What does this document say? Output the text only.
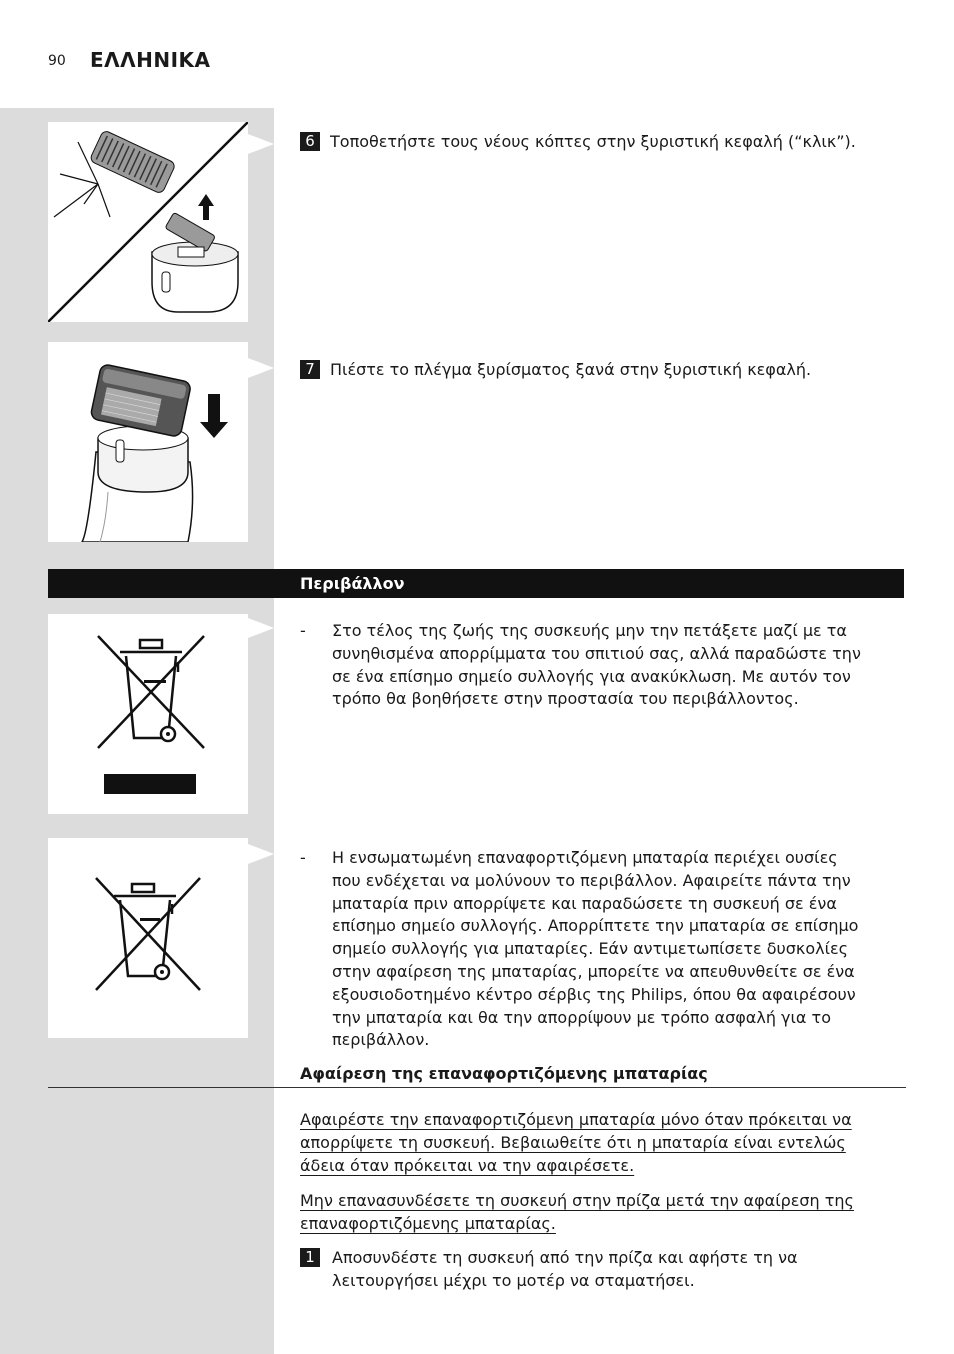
90 ΕΛΛΗΝΙΚΑ
6 Τοποθετήστε τους νέους κόπτες στην ξυριστική κεφαλή (“κλικ”).
7 Πιέστε το πλέγμα ξυρίσματος ξανά στην ξυριστική κεφαλή.
Περιβάλλον
- Στο τέλος της ζωής της συσκευής μην την πετάξετε μαζί με τα
συνηθισμένα απορρίμματα του σπιτιού σας, αλλά παραδώστε την
σε ένα επίσημο σημείο συλλογής για ανακύκλωση. Με αυτόν τον
τρόπο θα βοηθήσετε στην προστασία του περιβάλλοντος.
- Η ενσωματωμένη επαναφορτιζόμενη μπαταρία περιέχει ουσίες
που ενδέχεται να μολύνουν το περιβάλλον. Αφαιρείτε πάντα την
μπαταρία πριν απορρίψετε και παραδώσετε τη συσκευή σε ένα
επίσημο σημείο συλλογής. Απορρίπτετε την μπαταρία σε επίσημο
σημείο συλλογής για μπαταρίες. Εάν αντιμετωπίσετε δυσκολίες
στην αφαίρεση της μπαταρίας, μπορείτε να απευθυνθείτε σε ένα
εξουσιοδοτημένο κέντρο σέρβις της Philips, όπου θα αφαιρέσουν
την μπαταρία και θα την απορρίψουν με τρόπο ασφαλή για το
περιβάλλον.
Αφαίρεση της επαναφορτιζόμενης μπαταρίας
Αφαιρέστε την επαναφορτιζόμενη μπαταρία μόνο όταν πρόκειται να
απορρίψετε τη συσκευή. Βεβαιωθείτε ότι η μπαταρία είναι εντελώς
άδεια όταν πρόκειται να την αφαιρέσετε.
Μην επανασυνδέσετε τη συσκευή στην πρίζα μετά την αφαίρεση της
επαναφορτιζόμενης μπαταρίας.
1	Αποσυνδέστε τη συσκευή από την πρίζα και αφήστε τη να
λειτουργήσει μέχρι το μοτέρ να σταματήσει.
